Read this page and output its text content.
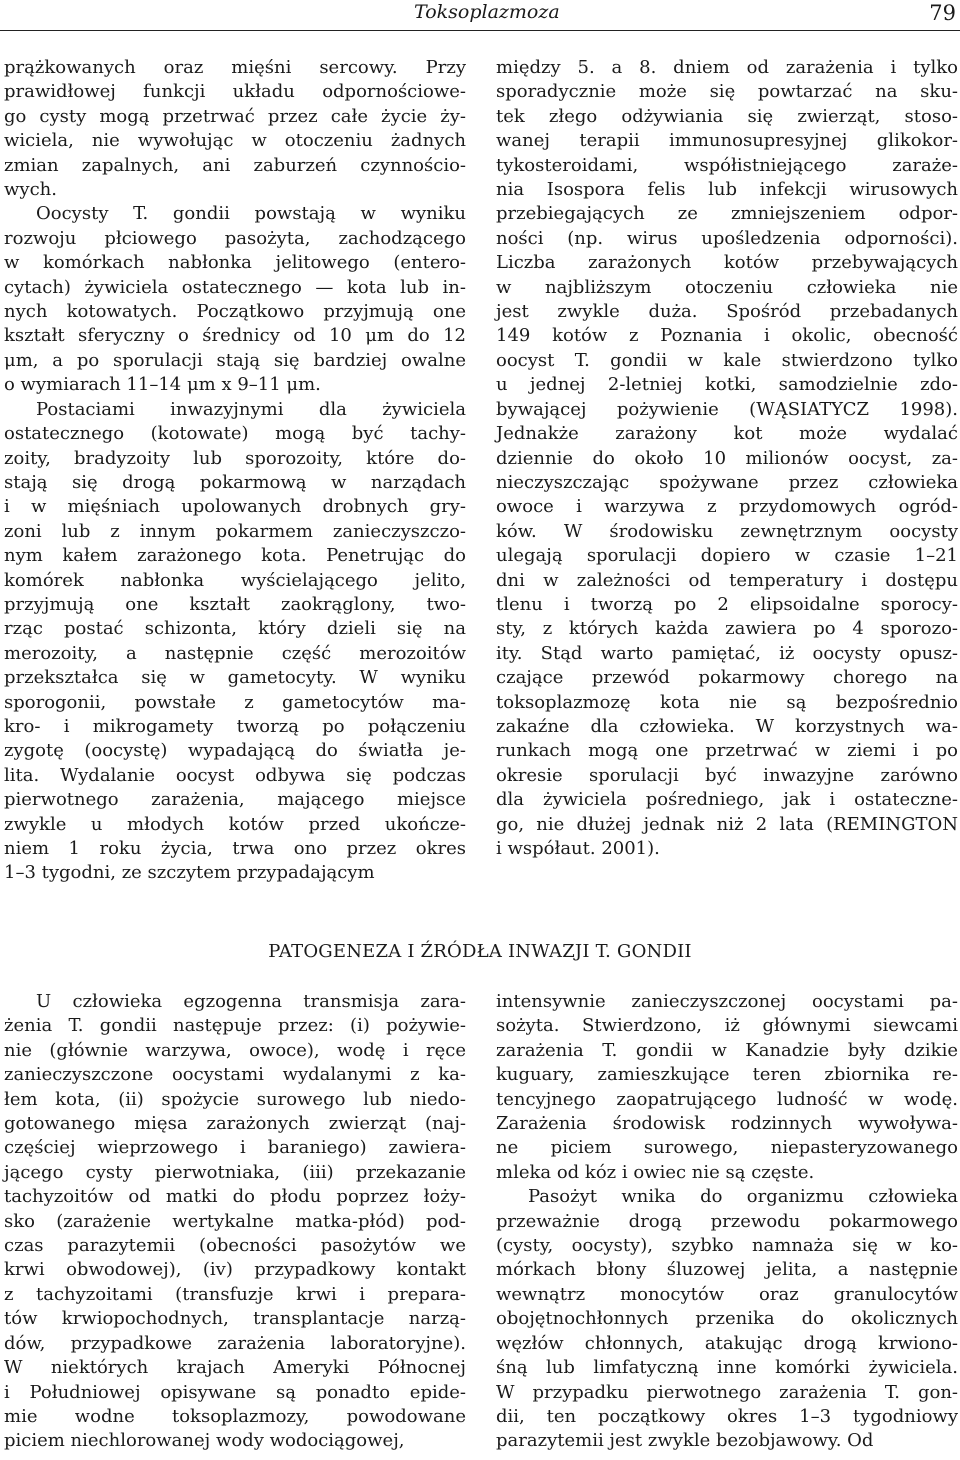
Toksoplazmoza	79
prążkowanych oraz mięśni sercowy. Przy
prawidłowej funkcji układu odpornościowe-
go cysty mogą przetrwać przez całe życie ży-
wiciela, nie wywołując w otoczeniu żadnych
zmian zapalnych, ani zaburzeń czynnościo-
wych.
Oocysty T. gondii powstają w wyniku
rozwoju płciowego pasożyta, zachodzącego
w komórkach nabłonka jelitowego (entero-
cytach) żywiciela ostatecznego — kota lub in-
nych kotowatych. Początkowo przyjmują one
kształt sferyczny o średnicy od 10 μm do 12
μm, a po sporulacji stają się bardziej owalne
o wymiarach 11–14 μm x 9–11 μm.
Postaciami inwazyjnymi dla żywiciela
ostatecznego (kotowate) mogą być tachy-
zoity, bradyzoity lub sporozoity, które do-
stają się drogą pokarmową w narządach
i w mięśniach upolowanych drobnych gry-
zoni lub z innym pokarmem zanieczyszczo-
nym kałem zarażonego kota. Penetrując do
komórek nabłonka wyścielającego jelito,
przyjmują one kształt zaokrąglony, two-
rząc postać schizonta, który dzieli się na
merozoity, a następnie część merozoitów
przekształca się w gametocyty. W wyniku
sporogonii, powstałe z gametocytów ma-
kro- i mikrogamety tworzą po połączeniu
zygotę (oocystę) wypadającą do światła je-
lita. Wydalanie oocyst odbywa się podczas
pierwotnego zarażenia, mającego miejsce
zwykle u młodych kotów przed ukończe-
niem 1 roku życia, trwa ono przez okres
1–3 tygodni, ze szczytem przypadającym
między 5. a 8. dniem od zarażenia i tylko
sporadycznie może się powtarzać na sku-
tek złego odżywiania się zwierząt, stoso-
wanej terapii immunosupresyjnej glikokor-
tykosteroidami, współistniejącego zaraże-
nia Isospora felis lub infekcji wirusowych
przebiegających ze zmniejszeniem odpor-
ności (np. wirus upośledzenia odporności).
Liczba zarażonych kotów przebywających
w najbliższym otoczeniu człowieka nie
jest zwykle duża. Spośród przebadanych
149 kotów z Poznania i okolic, obecność
oocyst T. gondii w kale stwierdzono tylko
u jednej 2-letniej kotki, samodzielnie zdo-
bywającej pożywienie (WĄSIATYCZ 1998).
Jednakże zarażony kot może wydalać
dziennie do około 10 milionów oocyst, za-
nieczyszczając spożywane przez człowieka
owoce i warzywa z przydomowych ogród-
ków. W środowisku zewnętrznym oocysty
ulegają sporulacji dopiero w czasie 1–21
dni w zależności od temperatury i dostępu
tlenu i tworzą po 2 elipsoidalne sporocy-
sty, z których każda zawiera po 4 sporozo-
ity. Stąd warto pamiętać, iż oocysty opusz-
czające przewód pokarmowy chorego na
toksoplazmozę kota nie są bezpośrednio
zakaźne dla człowieka. W korzystnych wa-
runkach mogą one przetrwać w ziemi i po
okresie sporulacji być inwazyjne zarówno
dla żywiciela pośredniego, jak i ostateczne-
go, nie dłużej jednak niż 2 lata (REMINGTON
i współaut. 2001).
PATOGENEZA I ŹRÓDŁA INWAZJI T. GONDII
U człowieka egzogenna transmisja zara-
żenia T. gondii następuje przez: (i) pożywie-
nie (głównie warzywa, owoce), wodę i ręce
zanieczyszczone oocystami wydalanymi z ka-
łem kota, (ii) spożycie surowego lub niedo-
gotowanego mięsa zarażonych zwierząt (naj-
częściej wieprzowego i baraniego) zawiera-
jącego cysty pierwotniaka, (iii) przekazanie
tachyzoitów od matki do płodu poprzez łoży-
sko (zarażenie wertykalne matka-płód) pod-
czas parazytemii (obecności pasożytów we
krwi obwodowej), (iv) przypadkowy kontakt
z tachyzoitami (transfuzje krwi i prepara-
tów krwiopochodnych, transplantacje narzą-
dów, przypadkowe zarażenia laboratoryjne).
W niektórych krajach Ameryki Północnej
i Południowej opisywane są ponadto epide-
mie wodne toksoplazmozy, powodowane
piciem niechlorowanej wody wodociągowej,
intensywnie zanieczyszczonej oocystami pa-
sożyta. Stwierdzono, iż głównymi siewcami
zarażenia T. gondii w Kanadzie były dzikie
kuguary, zamieszkujące teren zbiornika re-
tencyjnego zaopatrującego ludność w wodę.
Zarażenia środowisk rodzinnych wywoływa-
ne piciem surowego, niepasteryzowanego
mleka od kóz i owiec nie są częste.
Pasożyt wnika do organizmu człowieka
przeważnie drogą przewodu pokarmowego
(cysty, oocysty), szybko namnaża się w ko-
mórkach błony śluzowej jelita, a następnie
wewnątrz monocytów oraz granulocytów
obojętnochłonnych przenika do okolicznych
węzłów chłonnych, atakując drogą krwiono-
śną lub limfatyczną inne komórki żywiciela.
W przypadku pierwotnego zarażenia T. gon-
dii, ten początkowy okres 1–3 tygodniowy
parazytemii jest zwykle bezobjawowy. Od
